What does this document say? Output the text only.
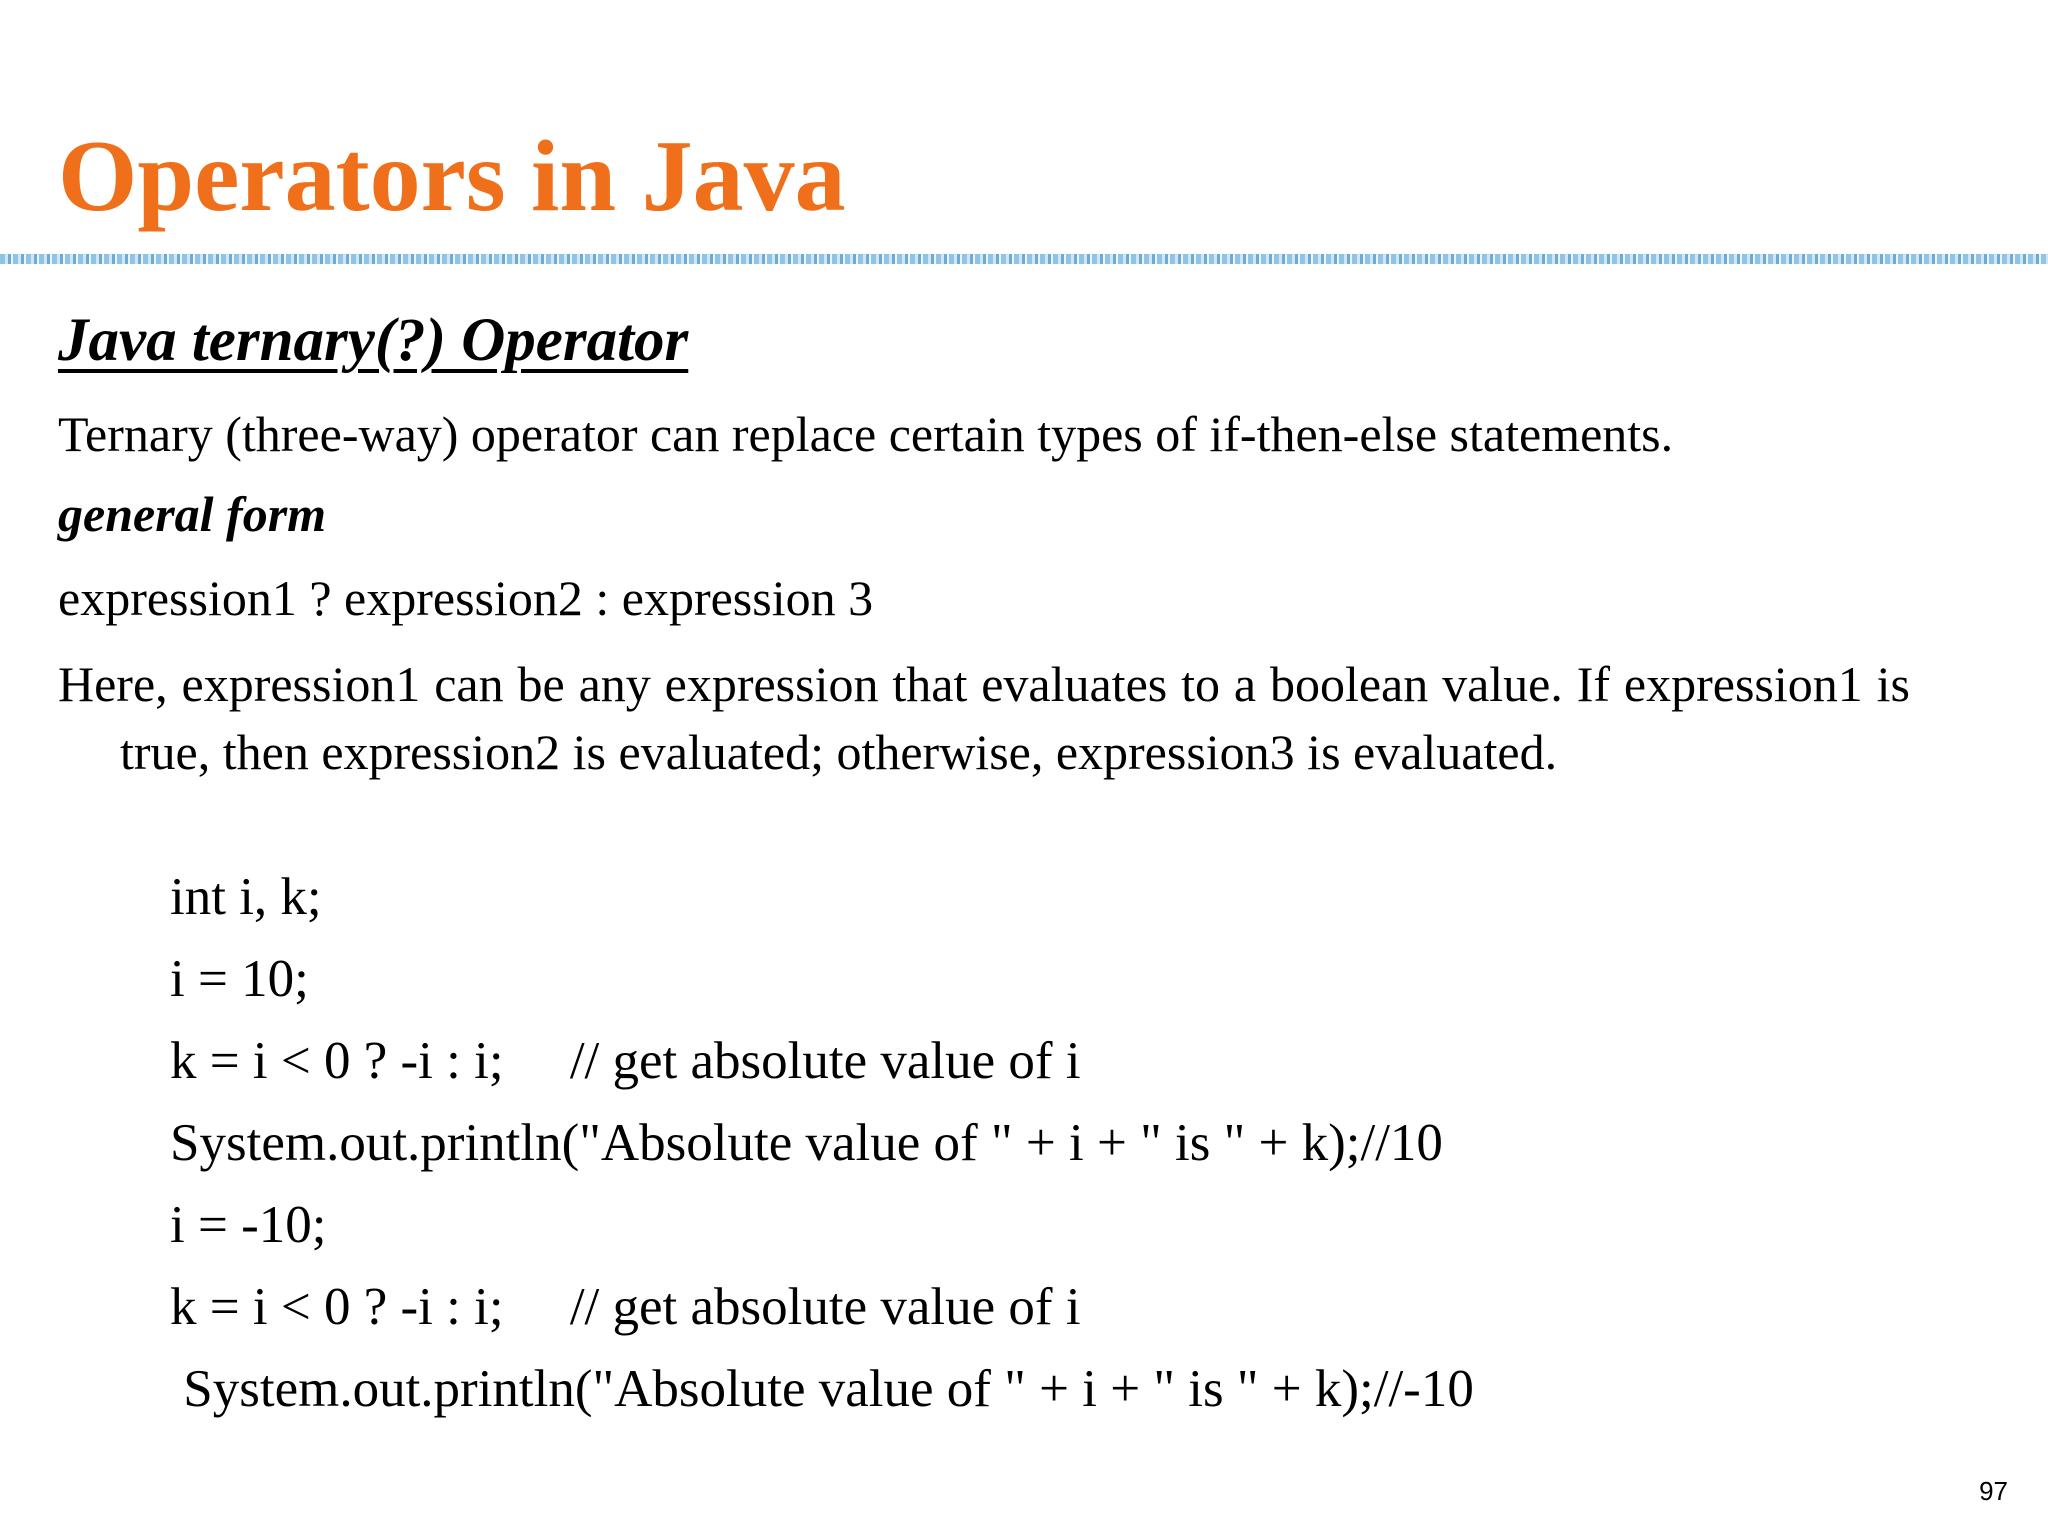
Operators in Java
Java ternary(?) Operator
Ternary (three-way) operator can replace certain types of if-then-else statements.
general form
expression1 ? expression2 : expression 3
Here, expression1 can be any expression that evaluates to a boolean value. If expression1 is true, then expression2 is evaluated; otherwise, expression3 is evaluated.
int i, k;
i = 10;
k = i < 0 ? -i : i;     // get absolute value of i
System.out.println("Absolute value of " + i + " is " + k);//10
i = -10;
k = i < 0 ? -i : i;     // get absolute value of i
System.out.println("Absolute value of " + i + " is " + k);//-10
97
